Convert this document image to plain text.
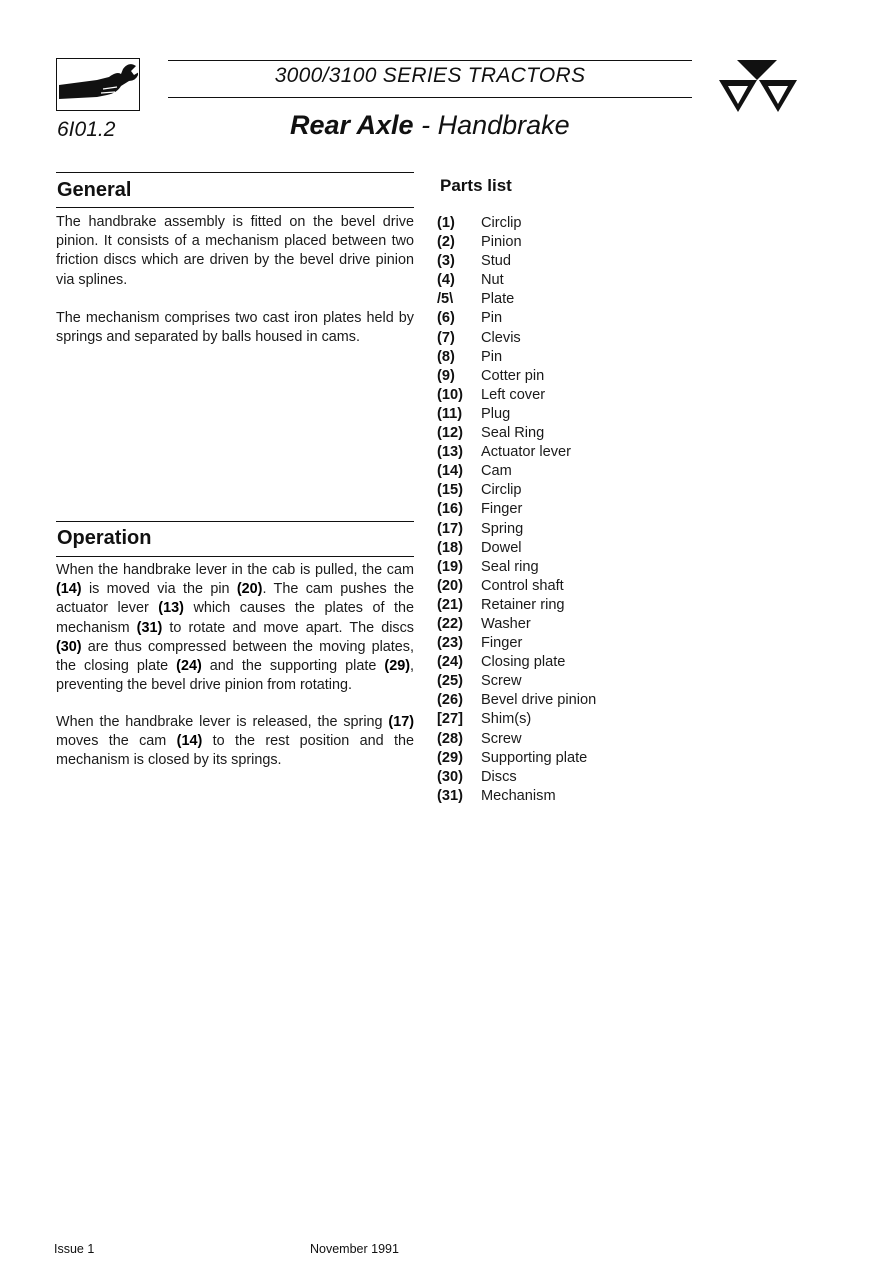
3000/3100 SERIES TRACTORS
6I01.2	Rear Axle - Handbrake
General

The handbrake assembly is fitted on the bevel drive pinion. It consists of a mechanism placed between two friction discs which are driven by the bevel drive pinion via splines.

The mechanism comprises two cast iron plates held by springs and separated by balls housed in cams.

Operation

When the handbrake lever in the cab is pulled, the cam (14) is moved via the pin (20). The cam pushes the actuator lever (13) which causes the plates of the mechanism (31) to rotate and move apart. The discs (30) are thus compressed between the moving plates, the closing plate (24) and the supporting plate (29), preventing the bevel drive pinion from rotating.

When the handbrake lever is released, the spring (17) moves the cam (14) to the rest position and the mechanism is closed by its springs.

Parts list
(1) Circlip
(2) Pinion
(3) Stud
(4) Nut
/5\ Plate
(6) Pin
(7) Clevis
(8) Pin
(9) Cotter pin
(10) Left cover
(11) Plug
(12) Seal Ring
(13) Actuator lever
(14) Cam
(15) Circlip
(16) Finger
(17) Spring
(18) Dowel
(19) Seal ring
(20) Control shaft
(21) Retainer ring
(22) Washer
(23) Finger
(24) Closing plate
(25) Screw
(26) Bevel drive pinion
[27] Shim(s)
(28) Screw
(29) Supporting plate
(30) Discs
(31) Mechanism
Issue 1	November 1991
